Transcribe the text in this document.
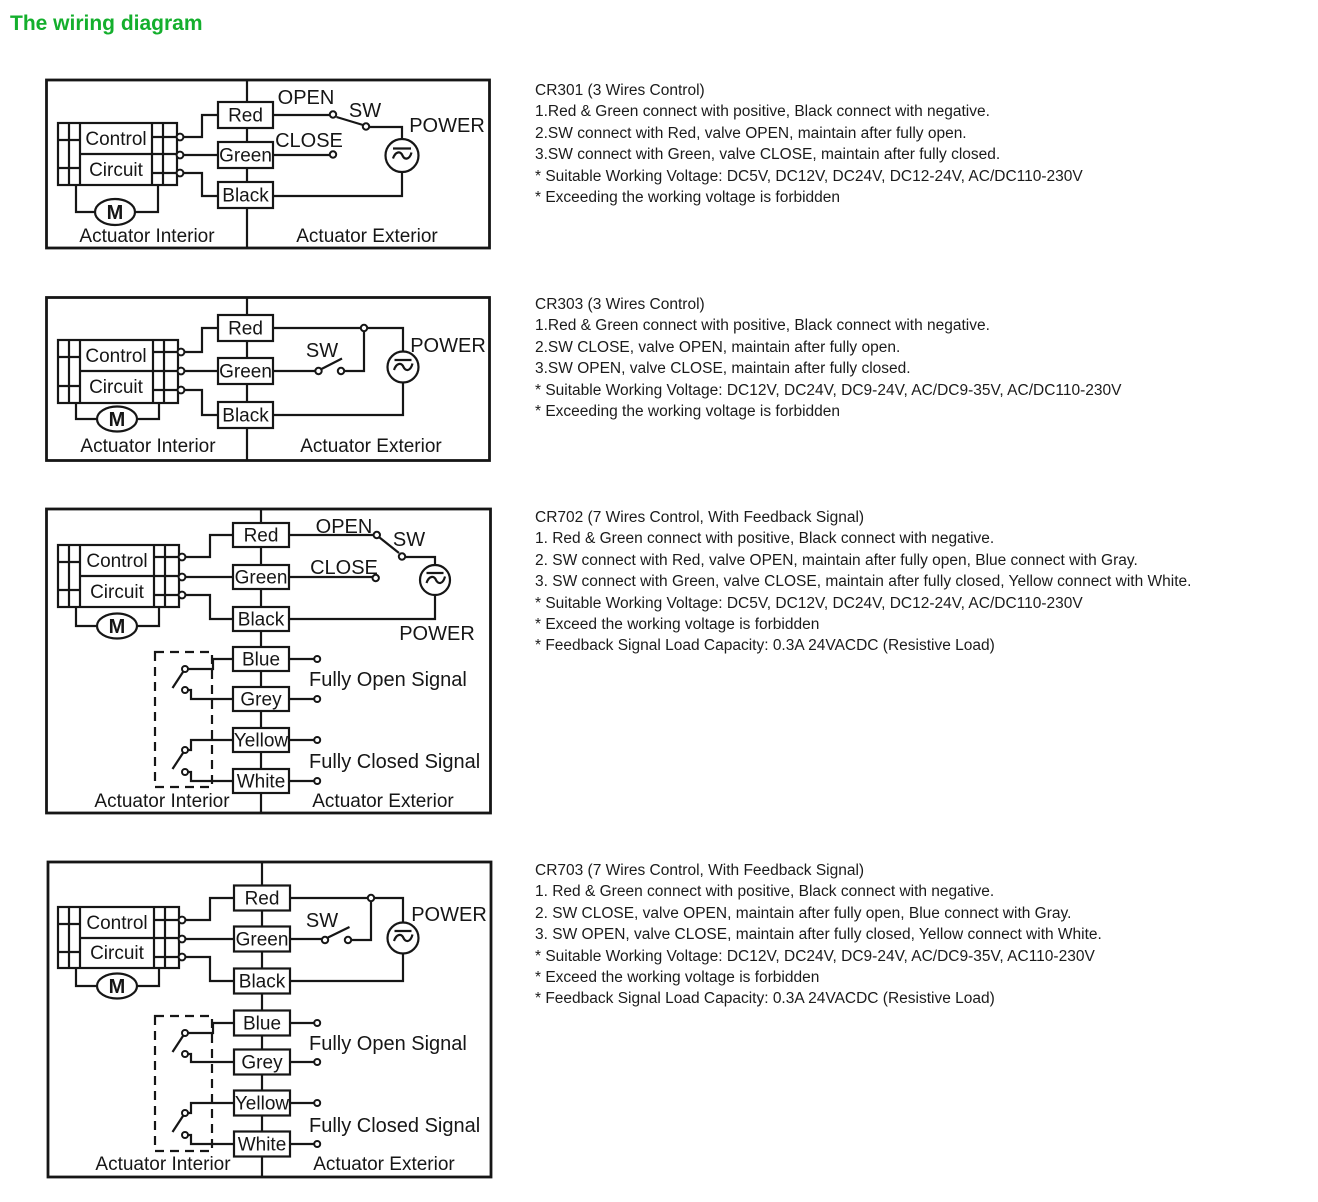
The wiring diagram
Control
Circuit
M
Red
Green
Black
OPEN
SW
CLOSE
POWER
Actuator Interior	Actuator Exterior
Control
Circuit
M
Red
Green
Black
SW	POWER
Actuator Interior	Actuator Exterior
Control
Circuit
M
Red
Green
Black
Blue
Grey
Yellow
White
OPEN
SW
CLOSE
POWER
Fully Open Signal
Fully Closed Signal
Actuator Interior	Actuator Exterior
Control
Circuit
M
Red
Green
Black
Blue
Grey
Yellow
White
SW	POWER
Fully Open Signal
Fully Closed Signal
Actuator Interior	Actuator Exterior
CR301 (3 Wires Control)
1.Red & Green connect with positive, Black connect with negative.
2.SW connect with Red, valve OPEN, maintain after fully open.
3.SW connect with Green, valve CLOSE, maintain after fully closed.
* Suitable Working Voltage: DC5V, DC12V, DC24V, DC12-24V, AC/DC110-230V
* Exceeding the working voltage is forbidden
CR303 (3 Wires Control)
1.Red & Green connect with positive, Black connect with negative.
2.SW CLOSE, valve OPEN, maintain after fully open.
3.SW OPEN, valve CLOSE, maintain after fully closed.
* Suitable Working Voltage: DC12V, DC24V, DC9-24V, AC/DC9-35V, AC/DC110-230V
* Exceeding the working voltage is forbidden
CR702 (7 Wires Control, With Feedback Signal)
1. Red & Green connect with positive, Black connect with negative.
2. SW connect with Red, valve OPEN, maintain after fully open, Blue connect with Gray.
3. SW connect with Green, valve CLOSE, maintain after fully closed, Yellow connect with White.
* Suitable Working Voltage: DC5V, DC12V, DC24V, DC12-24V, AC/DC110-230V
* Exceed the working voltage is forbidden
* Feedback Signal Load Capacity: 0.3A 24VACDC (Resistive Load)
CR703 (7 Wires Control, With Feedback Signal)
1. Red & Green connect with positive, Black connect with negative.
2. SW CLOSE, valve OPEN, maintain after fully open, Blue connect with Gray.
3. SW OPEN, valve CLOSE, maintain after fully closed, Yellow connect with White.
* Suitable Working Voltage: DC12V, DC24V, DC9-24V, AC/DC9-35V, AC110-230V
* Exceed the working voltage is forbidden
* Feedback Signal Load Capacity: 0.3A 24VACDC (Resistive Load)
